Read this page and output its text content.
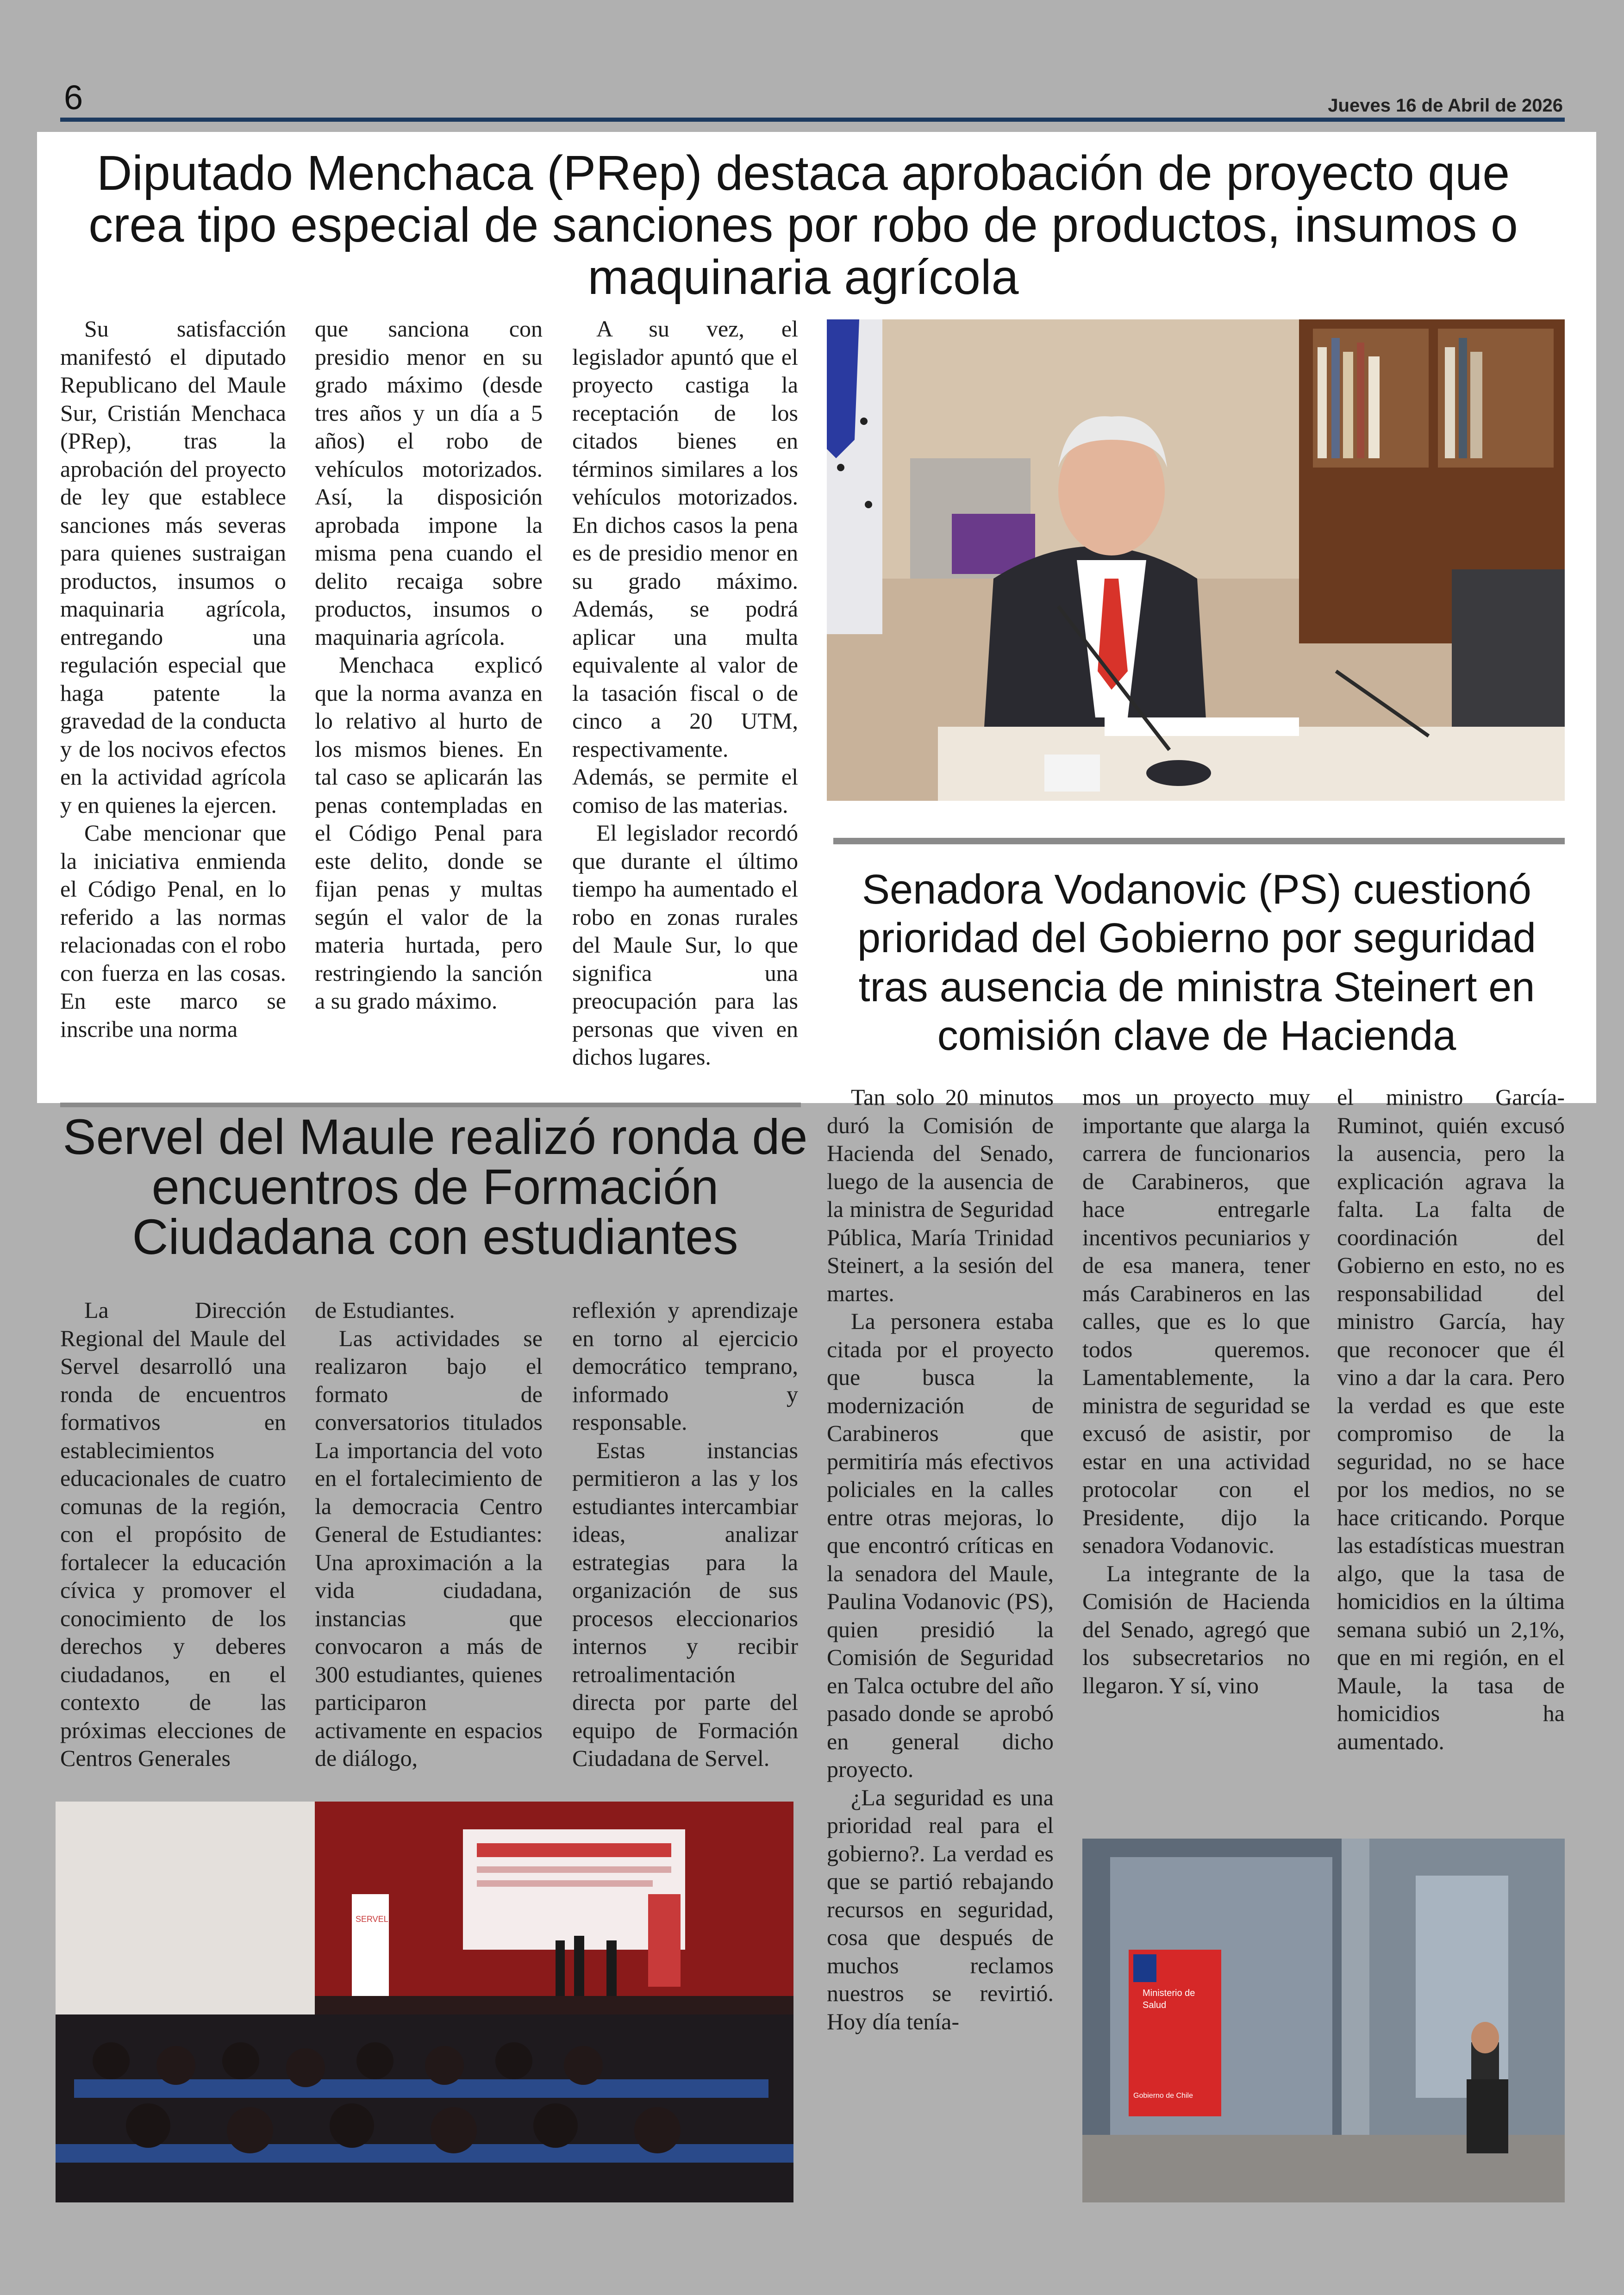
6	Jueves 16 de Abril de 2026
Diputado Menchaca (PRep) destaca aprobación de proyecto que crea tipo especial de sanciones por robo de productos, insumos o maquinaria agrícola

Su satisfacción manifestó el diputado Republicano del Maule Sur, Cristián Menchaca (PRep), tras la aprobación del proyecto de ley que establece sanciones más severas para quienes sustraigan productos, insumos o maquinaria agrícola, entregando una regulación especial que haga patente la gravedad de la conducta y de los nocivos efectos en la actividad agrícola y en quienes la ejercen.

Cabe mencionar que la iniciativa enmienda el Código Penal, en lo referido a las normas relacionadas con el robo con fuerza en las cosas. En este marco se inscribe una norma

que sanciona con presidio menor en su grado máximo (desde tres años y un día a 5 años) el robo de vehículos motorizados. Así, la disposición aprobada impone la misma pena cuando el delito recaiga sobre productos, insumos o maquinaria agrícola.

Menchaca explicó que la norma avanza en lo relativo al hurto de los mismos bienes. En tal caso se aplicarán las penas contempladas en el Código Penal para este delito, donde se fijan penas y multas según el valor de la materia hurtada, pero restringiendo la sanción a su grado máximo.

A su vez, el legislador apuntó que el proyecto castiga la receptación de los citados bienes en términos similares a los vehículos motorizados. En dichos casos la pena es de presidio menor en su grado máximo. Además, se podrá aplicar una multa equivalente al valor de la tasación fiscal o de cinco a 20 UTM, respectivamente. Además, se permite el comiso de las materias.

El legislador recordó que durante el último tiempo ha aumentado el robo en zonas rurales del Maule Sur, lo que significa una preocupación para las personas que viven en dichos lugares.

Senadora Vodanovic (PS) cuestionó prioridad del Gobierno por seguridad tras ausencia de ministra Steinert en comisión clave de Hacienda

Tan solo 20 minutos duró la Comisión de Hacienda del Senado, luego de la ausencia de la ministra de Seguridad Pública, María Trinidad Steinert, a la sesión del martes.

La personera estaba citada por el proyecto que busca la modernización de Carabineros que permitiría más efectivos policiales en la calles entre otras mejoras, lo que encontró críticas en la senadora del Maule, Paulina Vodanovic (PS), quien presidió la Comisión de Seguridad en Talca octubre del año pasado donde se aprobó en general dicho proyecto.

¿La seguridad es una prioridad real para el gobierno?. La verdad es que se partió rebajando recursos en seguridad, cosa que después de muchos reclamos nuestros se revirtió. Hoy día tenía-

mos un proyecto muy importante que alarga la carrera de funcionarios de Carabineros, que hace entregarle incentivos pecuniarios y de esa manera, tener más Carabineros en las calles, que es lo que todos queremos. Lamentablemente, la ministra de seguridad se excusó de asistir, por estar en una actividad protocolar con el Presidente, dijo la senadora Vodanovic.

La integrante de la Comisión de Hacienda del Senado, agregó que los subsecretarios no llegaron. Y sí, vino

el ministro García-Ruminot, quién excusó la ausencia, pero la explicación agrava la falta. La falta de coordinación del Gobierno en esto, no es responsabilidad del ministro García, hay que reconocer que él vino a dar la cara. Pero la verdad es que este compromiso de la seguridad, no se hace por los medios, no se hace criticando. Porque las estadísticas muestran algo, que la tasa de homicidios en la última semana subió un 2,1%, que en mi región, en el Maule, la tasa de homicidios ha aumentado.

Ministerio de
Salud
Gobierno de Chile
Servel del Maule realizó ronda de encuentros de Formación Ciudadana con estudiantes

La Dirección Regional del Maule del Servel desarrolló una ronda de encuentros formativos en establecimientos educacionales de cuatro comunas de la región, con el propósito de fortalecer la educación cívica y promover el conocimiento de los derechos y deberes ciudadanos, en el contexto de las próximas elecciones de Centros Generales

de Estudiantes.

Las actividades se realizaron bajo el formato de conversatorios titulados La importancia del voto en el fortalecimiento de la democracia Centro General de Estudiantes: Una aproximación a la vida ciudadana, instancias que convocaron a más de 300 estudiantes, quienes participaron activamente en espacios de diálogo,

reflexión y aprendizaje en torno al ejercicio democrático temprano, informado y responsable.

Estas instancias permitieron a las y los estudiantes intercambiar ideas, analizar estrategias para la organización de sus procesos eleccionarios internos y recibir retroalimentación directa por parte del equipo de Formación Ciudadana de Servel.

SERVEL
